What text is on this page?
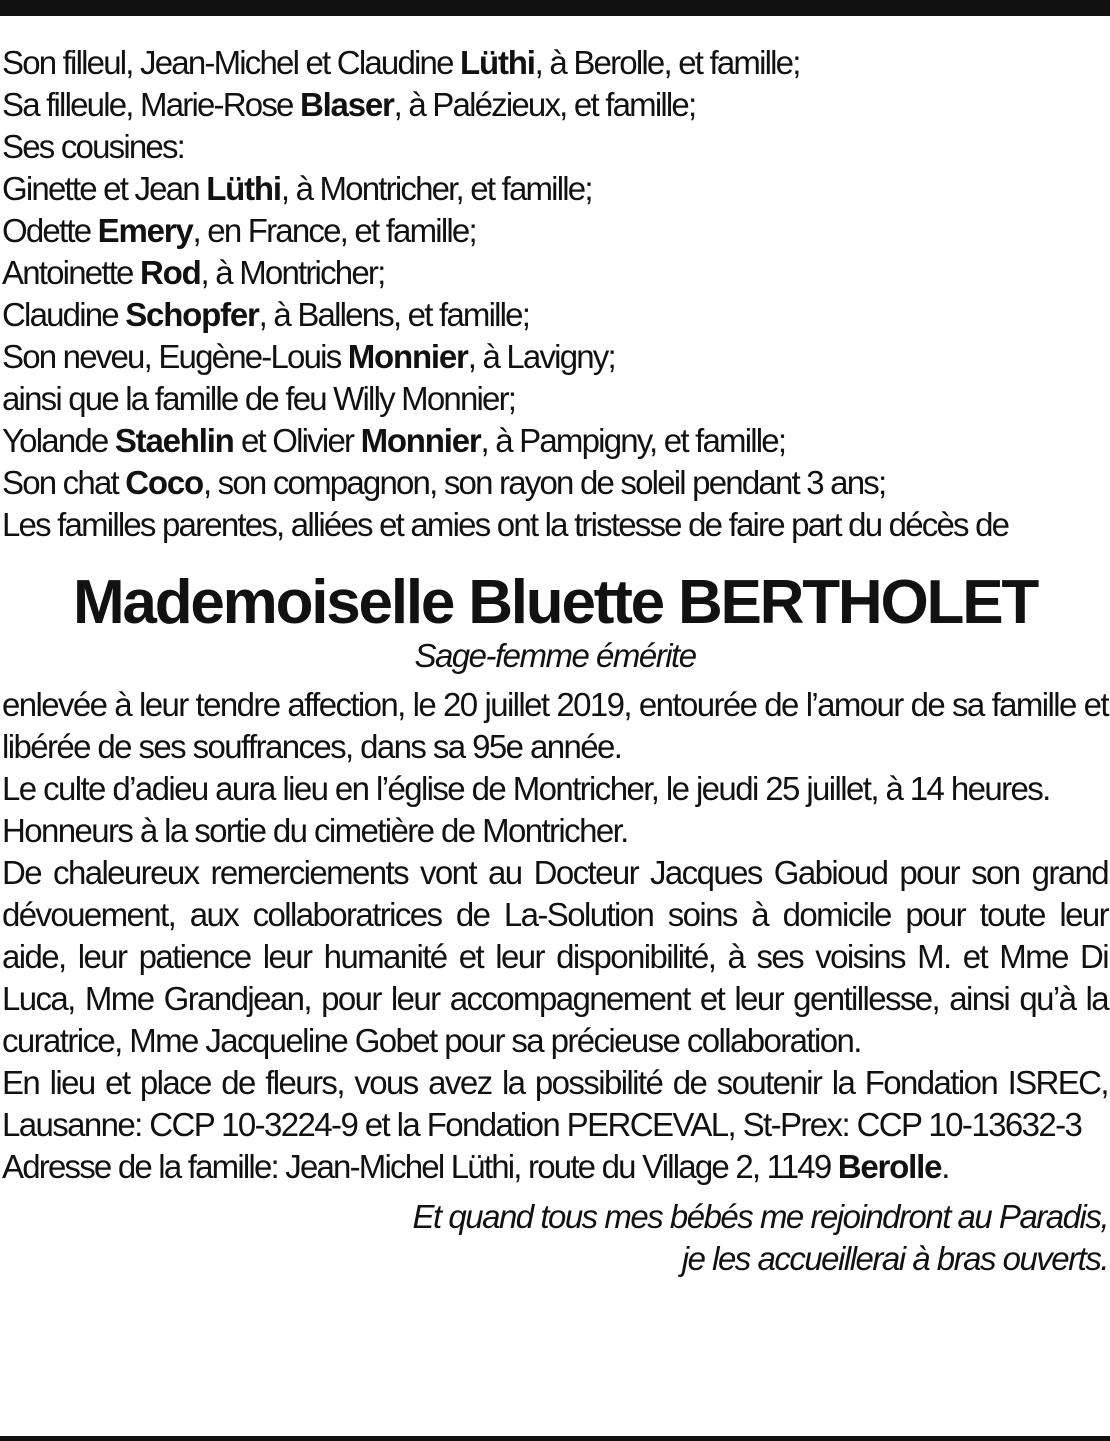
Son filleul, Jean-Michel et Claudine Lüthi, à Berolle, et famille;
Sa filleule, Marie-Rose Blaser, à Palézieux, et famille;
Ses cousines:
Ginette et Jean Lüthi, à Montricher, et famille;
Odette Emery, en France, et famille;
Antoinette Rod, à Montricher;
Claudine Schopfer, à Ballens, et famille;
Son neveu, Eugène-Louis Monnier, à Lavigny;
ainsi que la famille de feu Willy Monnier;
Yolande Staehlin et Olivier Monnier, à Pampigny, et famille;
Son chat Coco, son compagnon, son rayon de soleil pendant 3 ans;
Les familles parentes, alliées et amies ont la tristesse de faire part du décès de
Mademoiselle Bluette BERTHOLET
Sage-femme émérite
enlevée à leur tendre affection, le 20 juillet 2019, entourée de l’amour de sa famille et libérée de ses souffrances, dans sa 95e année.
Le culte d’adieu aura lieu en l’église de Montricher, le jeudi 25 juillet, à 14 heures.
Honneurs à la sortie du cimetière de Montricher.
De chaleureux remerciements vont au Docteur Jacques Gabioud pour son grand dévouement, aux collaboratrices de La-Solution soins à domicile pour toute leur aide, leur patience leur humanité et leur disponibilité, à ses voisins M. et Mme Di Luca, Mme Grandjean, pour leur accompagnement et leur gentillesse, ainsi qu’à la curatrice, Mme Jacqueline Gobet pour sa précieuse collaboration.
En lieu et place de fleurs, vous avez la possibilité de soutenir la Fondation ISREC, Lausanne: CCP 10-3224-9 et la Fondation PERCEVAL, St-Prex: CCP 10-13632-3
Adresse de la famille: Jean-Michel Lüthi, route du Village 2, 1149 Berolle.
Et quand tous mes bébés me rejoindront au Paradis,
je les accueillerai à bras ouverts.
